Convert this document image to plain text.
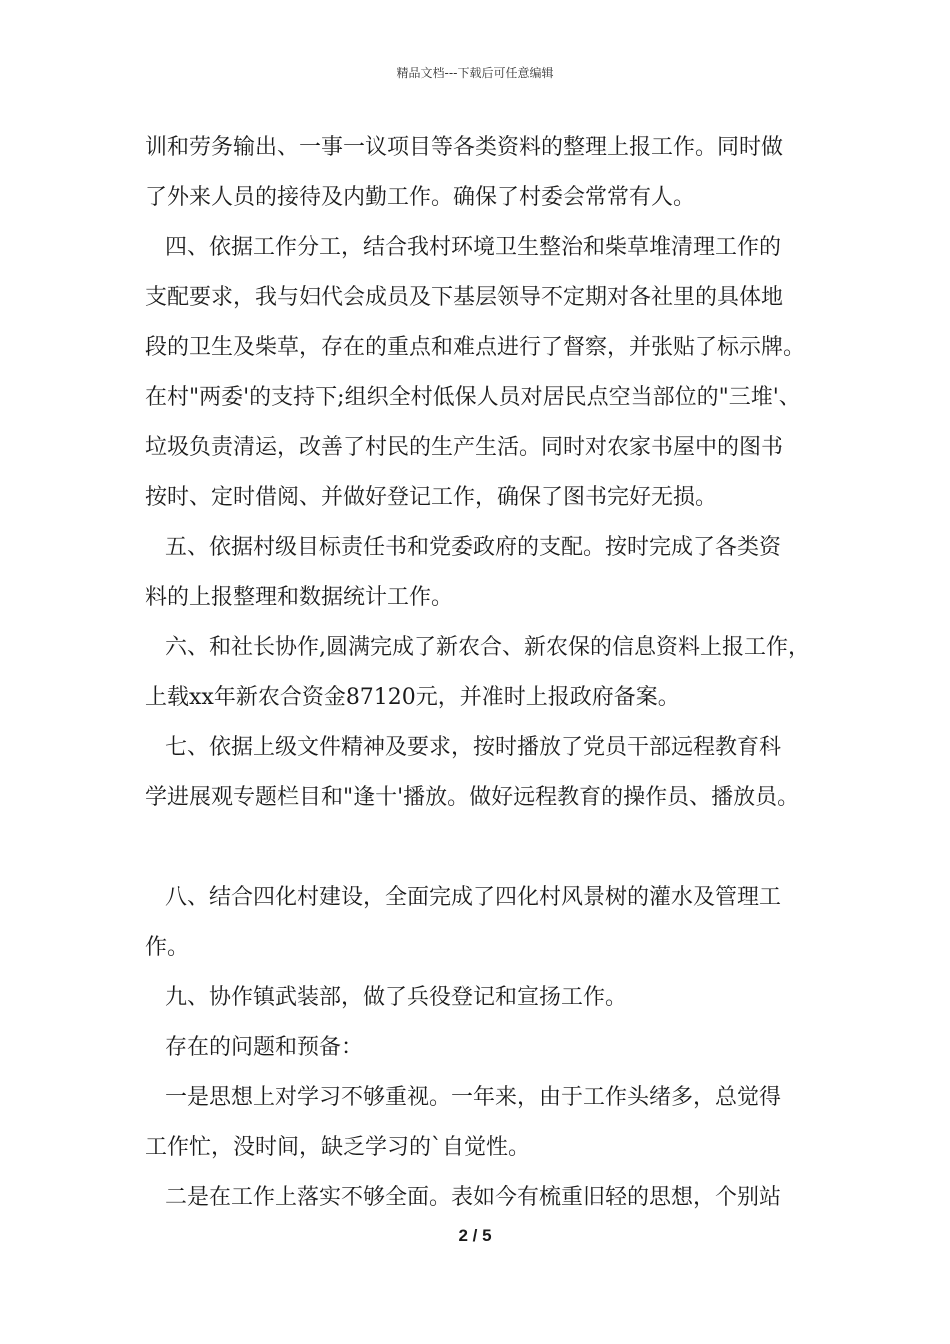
精品文档---下载后可任意编辑
训和劳务输出、一事一议项目等各类资料的整理上报工作。同时做
了外来人员的接待及内勤工作。确保了村委会常常有人。
四、依据工作分工，结合我村环境卫生整治和柴草堆清理工作的
支配要求，我与妇代会成员及下基层领导不定期对各社里的具体地
段的卫生及柴草，存在的重点和难点进行了督察，并张贴了标示牌。
在村"两委'的支持下;组织全村低保人员对居民点空当部位的"三堆'、
垃圾负责清运，改善了村民的生产生活。同时对农家书屋中的图书
按时、定时借阅、并做好登记工作，确保了图书完好无损。
五、依据村级目标责任书和党委政府的支配。按时完成了各类资
料的上报整理和数据统计工作。
六、和社长协作,圆满完成了新农合、新农保的信息资料上报工作，
上载xx年新农合资金87120元，并准时上报政府备案。
七、依据上级文件精神及要求，按时播放了党员干部远程教育科
学进展观专题栏目和"逢十'播放。做好远程教育的操作员、播放员。
八、结合四化村建设，全面完成了四化村风景树的灌水及管理工
作。
九、协作镇武装部，做了兵役登记和宣扬工作。
存在的问题和预备：
一是思想上对学习不够重视。一年来，由于工作头绪多，总觉得
工作忙，没时间，缺乏学习的`自觉性。
二是在工作上落实不够全面。表如今有梳重旧轻的思想，个别站
2 / 5
